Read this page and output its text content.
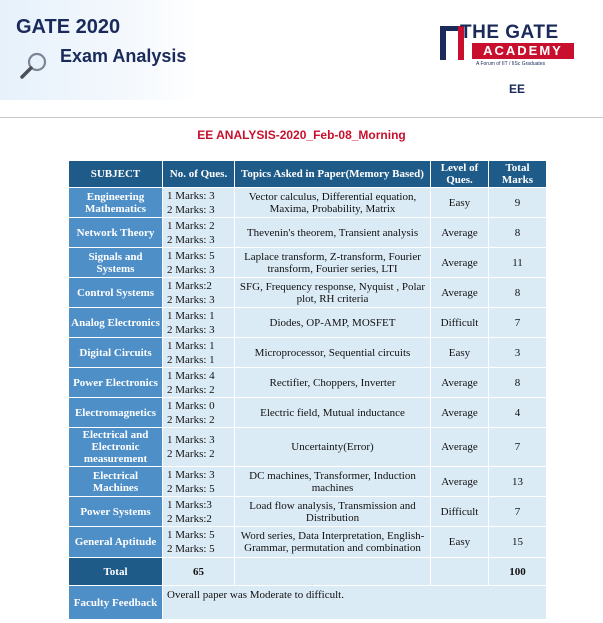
GATE 2020
Exam Analysis
THE GATE
ACADEMY
A Forum of IIT / IISc Graduates
EE
EE ANALYSIS-2020_Feb-08_Morning
SUBJECT	No. of Ques.	Topics Asked in Paper(Memory Based)	Level of Ques.	Total Marks
Engineering Mathematics	1 Marks: 3
2 Marks: 3	Vector calculus, Differential equation, Maxima, Probability, Matrix	Easy	9
Network Theory	1 Marks: 2
2 Marks: 3	Thevenin's theorem, Transient analysis	Average	8
Signals and Systems	1 Marks: 5
2 Marks: 3	Laplace transform, Z-transform, Fourier transform, Fourier series, LTI	Average	11
Control Systems	1 Marks:2
2 Marks: 3	SFG, Frequency response, Nyquist , Polar plot, RH criteria	Average	8
Analog Electronics	1 Marks: 1
2 Marks: 3	Diodes, OP-AMP, MOSFET	Difficult	7
Digital Circuits	1 Marks: 1
2 Marks: 1	Microprocessor, Sequential circuits	Easy	3
Power Electronics	1 Marks: 4
2 Marks: 2	Rectifier, Choppers, Inverter	Average	8
Electromagnetics	1 Marks: 0
2 Marks: 2	Electric field, Mutual inductance	Average	4
Electrical and Electronic measurement	1 Marks: 3
2 Marks: 2	Uncertainty(Error)	Average	7
Electrical Machines	1 Marks: 3
2 Marks: 5	DC machines, Transformer, Induction machines	Average	13
Power Systems	1 Marks:3
2 Marks:2	Load flow analysis, Transmission and Distribution	Difficult	7
General Aptitude	1 Marks: 5
2 Marks: 5	Word series, Data Interpretation, English-Grammar, permutation and combination	Easy	15
Total	65			100
Faculty Feedback	Overall paper was Moderate to difficult.			
